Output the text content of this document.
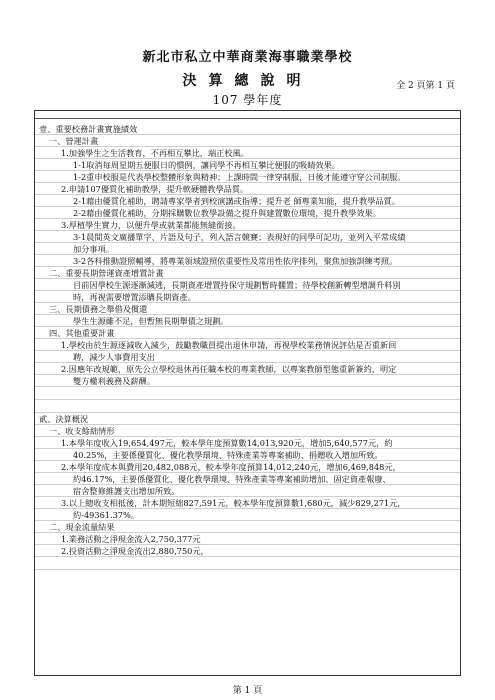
新北市私立中華商業海事職業學校
決算總說明
107 學年度
全 2 頁第 1 頁
壹、重要校務計畫實施績效
一、營運計畫
1.加強學生之生活教育，不再相互攀比，端正校風。
1-1取消每周星期五便服日的慣例，讓同學不再相互攀比便服的吸睛效果。
1-2重申校服是代表學校整體形象與精神；上課時間一律穿制服，日後才能遵守穿公司制服。
2.申請107優質化補助教學，提升軟硬體教學品質。
2-1藉由優質化補助，聘請專家學者到校演講或指導；提升老 師專業知能，提升教學品質。
2-2藉由優質化補助，分期採購數位教學設備之提升與建置數位環境，提升教學效果。
3.厚植學生實力，以便升學或就業都能無縫銜接。
3-1晨間英文廣播單字、片語及句子，列入語言競賽；表現好的同學可記功，並列入平常成績
加分事項。
3-2各科推動證照輔導，將專業領域證照依重要性及常用性依序排列，聚焦加強訓練考照。
二、重要長期營運資產增置計畫
目前因學校生源逐漸減逃，長期資產增置持保守規劃暫時擱置；待學校創新轉型增調升料別
時，再視需要增置添購長期資產。
三、長期債務之舉借及償還
學生生源雖不足，但暫無長期舉債之規劃。
四、其他重要計畫
1.學校由於生源逐減收入減少，鼓勵教職員提出退休申請，再視學校業務情況評估是否重新回
聘，減少人事費用支出
2.因應年改規範，原先公立學校退休再任職本校的專業教師，以專案教師型態重新簽約，明定
雙方權利義務及薪酬。
貳、決算概況
一、收支餘絀情形
1.本學年度收入19,654,497元，較本學年度預算數14,013,920元，增加5,640,577元，約
40.25%，主要係優質化、優化教學環境、特殊產業等專案補助、捐贈收入增加所致。
2.本學年度成本與費用20,482,088元，較本學年度預算14,012,240元，增加6,469,848元，
約46.17%，主要係優質化、優化教學環境、特殊產業等專案補助增加、固定資產報廢、
宿舍整修維護支出增加所致。
3.以上總收支相抵後，計本期短絀827,591元，較本學年度預算數1,680元，減少829,271元，
約-49361.37%。
二、現金流量結果
1.業務活動之淨現金流入2,750,377元
2.投資活動之淨現金流出2,880,750元，
第 1 頁
